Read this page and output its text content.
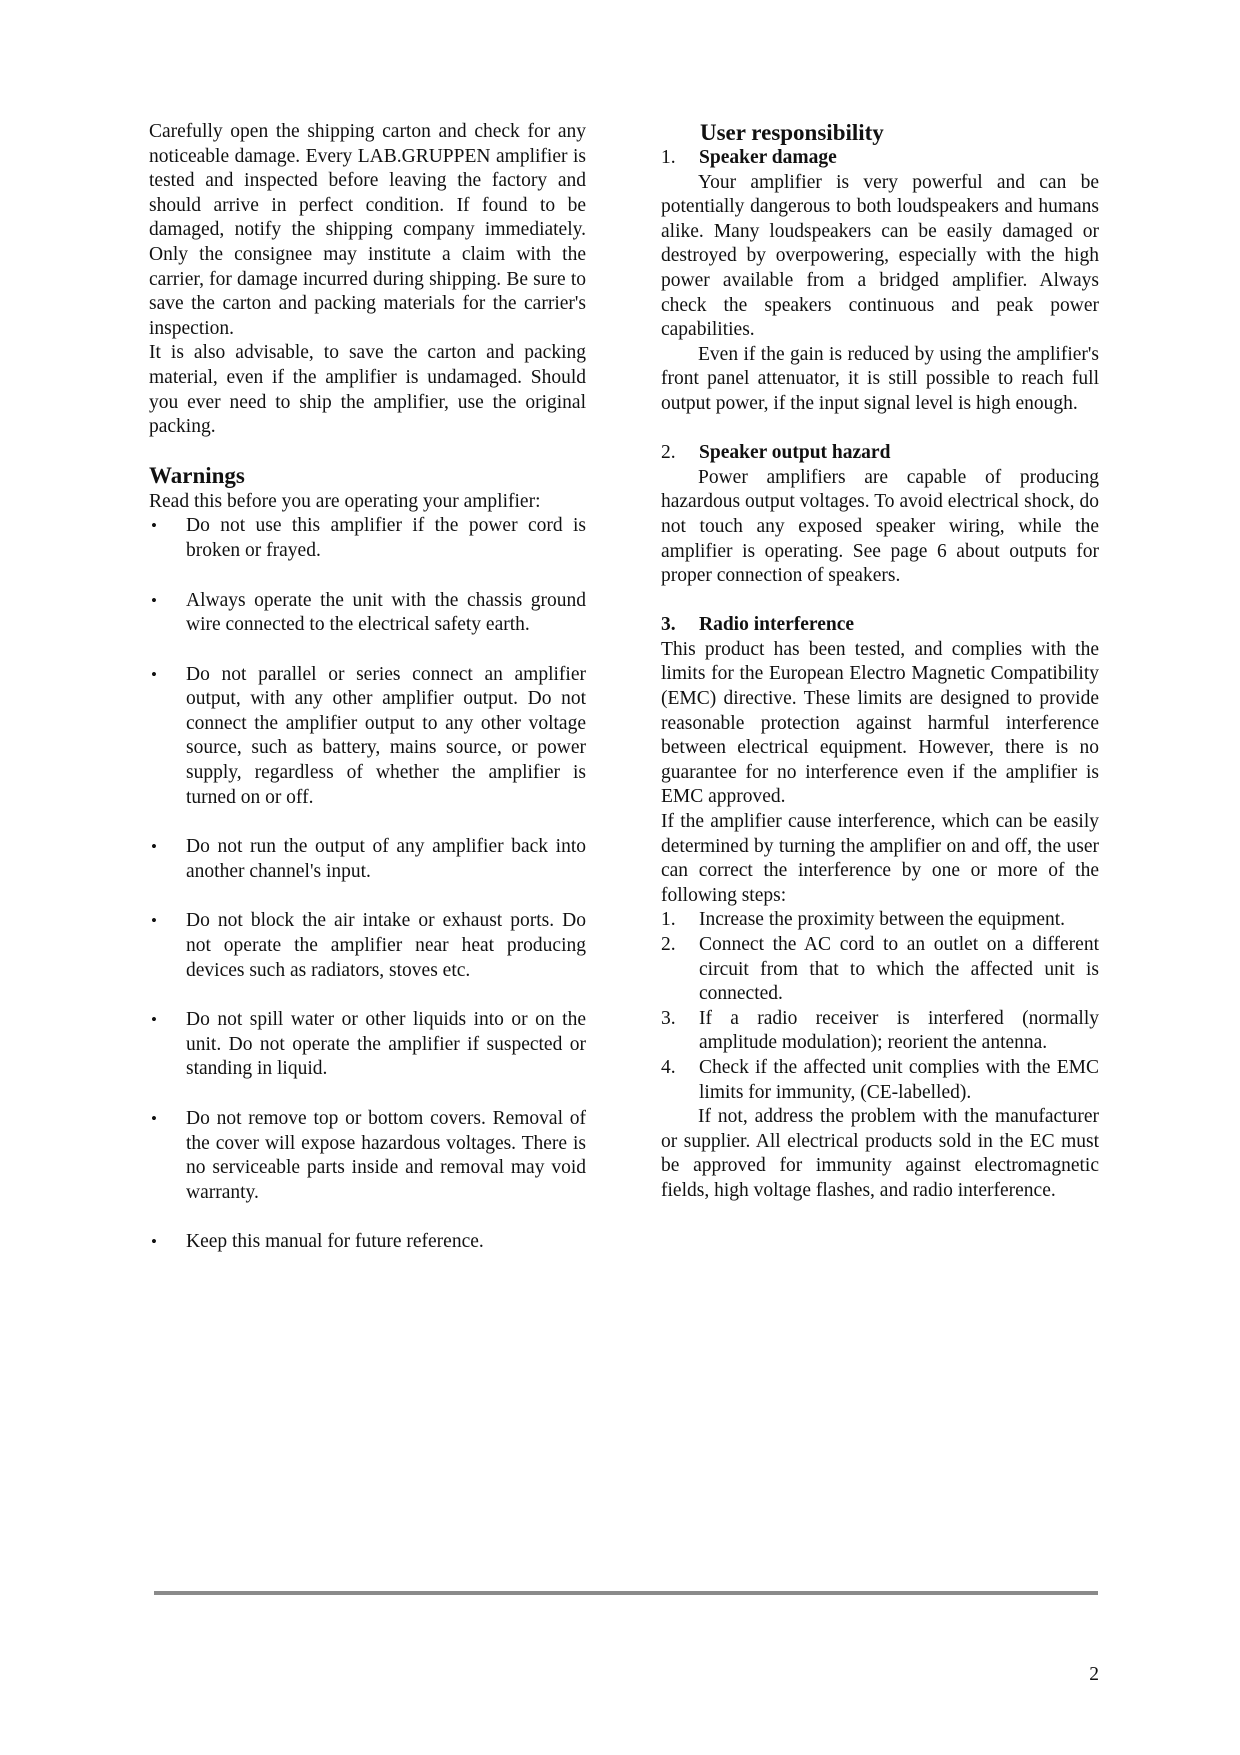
Carefully open the shipping carton and check for any noticeable damage. Every LAB.GRUPPEN amplifier is tested and inspected before leaving the factory and should arrive in perfect condition. If found to be damaged, notify the shipping company immediately. Only the consignee may institute a claim with the carrier, for damage incurred during shipping. Be sure to save the carton and packing materials for the carrier's inspection.

It is also advisable, to save the carton and packing material, even if the amplifier is undamaged. Should you ever need to ship the amplifier, use the original packing.

Warnings

Read this before you are operating your amplifier:

• Do not use this amplifier if the power cord is broken or frayed.
• Always operate the unit with the chassis ground wire connected to the electrical safety earth.
• Do not parallel or series connect an amplifier output, with any other amplifier output. Do not connect the amplifier output to any other voltage source, such as battery, mains source, or power supply, regardless of whether the amplifier is turned on or off.
• Do not run the output of any amplifier back into another channel's input.
• Do not block the air intake or exhaust ports. Do not operate the amplifier near heat producing devices such as radiators, stoves etc.
• Do not spill water or other liquids into or on the unit. Do not operate the amplifier if suspected or standing in liquid.
• Do not remove top or bottom covers. Removal of the cover will expose hazardous voltages. There is no serviceable parts inside and removal may void warranty.
• Keep this manual for future reference.
User responsibility
1. Speaker damage

Your amplifier is very powerful and can be potentially dangerous to both loudspeakers and humans alike. Many loudspeakers can be easily damaged or destroyed by overpowering, especially with the high power available from a bridged amplifier. Always check the speakers continuous and peak power capabilities.

Even if the gain is reduced by using the amplifier's front panel attenuator, it is still possible to reach full output power, if the input signal level is high enough.

2. Speaker output hazard

Power amplifiers are capable of producing hazardous output voltages. To avoid electrical shock, do not touch any exposed speaker wiring, while the amplifier is operating. See page 6 about outputs for proper connection of speakers.

3. Radio interference

This product has been tested, and complies with the limits for the European Electro Magnetic Compatibility (EMC) directive. These limits are designed to provide reasonable protection against harmful interference between electrical equipment. However, there is no guarantee for no interference even if the amplifier is EMC approved.

If the amplifier cause interference, which can be easily determined by turning the amplifier on and off, the user can correct the interference by one or more of the following steps:

1. Increase the proximity between the equipment.
2. Connect the AC cord to an outlet on a different circuit from that to which the affected unit is connected.
3. If a radio receiver is interfered (normally amplitude modulation); reorient the antenna.
4. Check if the affected unit complies with the EMC limits for immunity, (CE-labelled).

If not, address the problem with the manufacturer or supplier. All electrical products sold in the EC must be approved for immunity against electromagnetic fields, high voltage flashes, and radio interference.

2
